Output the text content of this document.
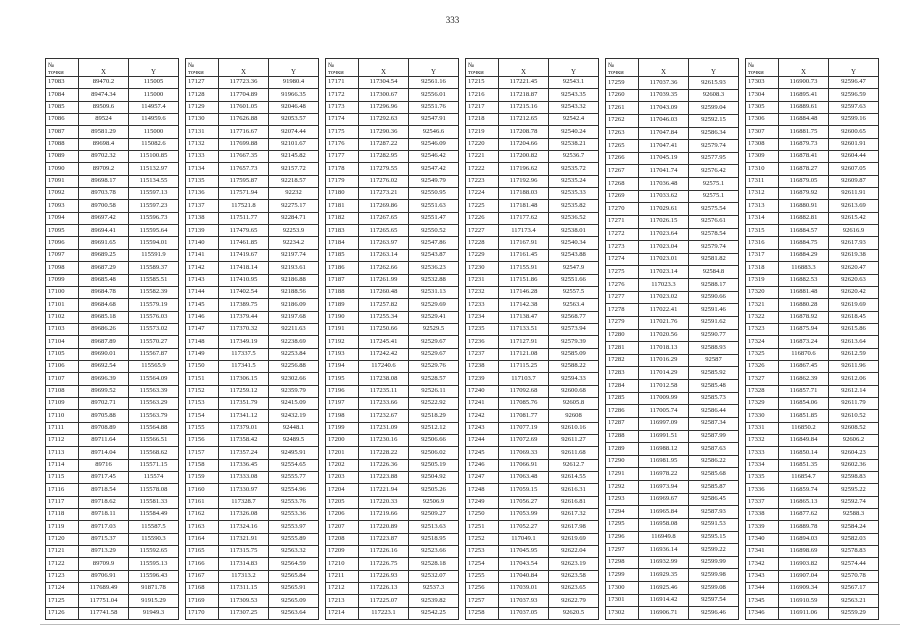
333
№
точки	X	Y
17083	89470.2	115005
17084	89474.34	115000
17085	89509.6	114957.4
17086	89524	114959.6
17087	89581.29	115000
17088	89698.4	115082.6
17089	89702.32	115100.85
17090	89709.2	115132.97
17091	89698.17	115134.55
17092	89703.78	115597.13
17093	89700.58	115597.23
17094	89697.42	115596.73
17095	89694.41	115595.64
17096	89691.65	115594.01
17097	89689.25	115591.9
17098	89687.29	115589.37
17099	89685.48	115585.51
17100	89684.78	115582.39
17101	89684.68	115579.19
17102	89685.18	115576.03
17103	89686.26	115573.02
17104	89687.89	115570.27
17105	89690.01	115567.87
17106	89692.54	115565.9
17107	89696.39	115564.09
17108	89699.52	115563.39
17109	89702.71	115563.29
17110	89705.88	115563.79
17111	89708.89	115564.88
17112	89711.64	115566.51
17113	89714.04	115568.62
17114	89716	115571.15
17115	89717.45	115574
17116	89718.54	115578.08
17117	89718.62	115581.33
17118	89718.11	115584.49
17119	89717.03	115587.5
17120	89715.37	115590.3
17121	89713.29	115592.65
17122	89709.9	115595.13
17123	89706.91	115596.43
17124	117689.49	91871.78
17125	117751.04	91915.29
17126	117741.58	91949.3
№
точки	X	Y
17127	117723.36	91980.4
17128	117704.89	91966.35
17129	117601.05	92046.48
17130	117626.88	92053.57
17131	117716.67	92074.44
17132	117699.88	92101.67
17133	117667.35	92145.82
17134	117657.73	92157.72
17135	117595.87	92218.57
17136	117571.94	92232
17137	117521.8	92275.17
17138	117511.77	92284.71
17139	117479.65	92253.9
17140	117461.85	92234.2
17141	117419.67	92197.74
17142	117418.14	92193.61
17143	117410.95	92186.88
17144	117402.54	92188.56
17145	117389.75	92186.09
17146	117379.44	92197.68
17147	117370.32	92211.63
17148	117349.19	92238.69
17149	117337.5	92253.84
17150	117341.5	92256.88
17151	117306.15	92302.66
17152	117259.12	92359.79
17153	117351.79	92415.09
17154	117341.12	92432.19
17155	117379.01	92448.1
17156	117358.42	92489.5
17157	117357.24	92495.91
17158	117336.45	92554.65
17159	117333.08	92555.77
17160	117330.97	92554.96
17161	117328.7	92553.76
17162	117326.08	92553.36
17163	117324.16	92553.97
17164	117321.91	92555.89
17165	117315.75	92563.32
17166	117314.83	92564.59
17167	117313.2	92565.84
17168	117311.15	92565.91
17169	117309.53	92565.09
17170	117307.25	92563.64
№
точки	X	Y
17171	117304.54	92561.16
17172	117300.67	92556.01
17173	117296.96	92551.76
17174	117292.63	92547.91
17175	117290.36	92546.6
17176	117287.22	92546.09
17177	117282.95	92546.42
17178	117279.55	92547.42
17179	117276.02	92549.79
17180	117273.21	92550.95
17181	117269.86	92551.63
17182	117267.65	92551.47
17183	117265.65	92550.52
17184	117263.97	92547.86
17185	117263.14	92543.87
17186	117262.66	92536.23
17187	117261.99	92532.88
17188	117260.48	92531.13
17189	117257.82	92529.69
17190	117255.34	92529.41
17191	117250.66	92529.5
17192	117245.41	92529.67
17193	117242.42	92529.67
17194	117240.6	92529.76
17195	117238.08	92528.57
17196	117235.11	92526.11
17197	117233.66	92522.92
17198	117232.67	92518.29
17199	117231.09	92512.12
17200	117230.16	92506.66
17201	117228.22	92506.02
17202	117226.36	92505.19
17203	117223.88	92504.92
17204	117221.94	92505.26
17205	117220.33	92506.9
17206	117219.66	92509.27
17207	117220.89	92513.63
17208	117223.87	92518.95
17209	117226.16	92523.66
17210	117226.75	92528.18
17211	117226.93	92532.07
17212	117226.13	92537.3
17213	117225.07	92539.82
17214	117223.1	92542.25
№
точки	X	Y
17215	117221.45	92543.1
17216	117218.87	92543.35
17217	117215.16	92543.32
17218	117212.65	92542.4
17219	117208.78	92540.24
17220	117204.66	92538.21
17221	117200.82	92536.7
17222	117196.62	92535.72
17223	117192.96	92535.24
17224	117188.03	92535.33
17225	117181.48	92535.82
17226	117177.62	92536.52
17227	117173.4	92538.01
17228	117167.91	92540.34
17229	117161.45	92543.88
17230	117155.91	92547.9
17231	117151.86	92551.66
17232	117146.28	92557.5
17233	117142.38	92563.4
17234	117138.47	92568.77
17235	117133.51	92573.94
17236	117127.91	92579.39
17237	117121.08	92585.09
17238	117115.25	92588.22
17239	117103.7	92594.33
17240	117092.68	92600.68
17241	117085.76	92605.8
17242	117081.77	92608
17243	117077.19	92610.16
17244	117072.69	92611.27
17245	117069.33	92611.68
17246	117066.91	92612.7
17247	117063.48	92614.55
17248	117059.15	92616.31
17249	117056.27	92616.81
17250	117053.99	92617.32
17251	117052.27	92617.98
17252	117049.1	92619.69
17253	117045.95	92622.04
17254	117043.54	92623.19
17255	117040.84	92623.58
17256	117039.01	92623.65
17257	117037.93	92622.79
17258	117037.05	92620.5
№
точки	X	Y
17259	117037.36	92615.93
17260	117039.35	92608.3
17261	117043.09	92599.04
17262	117046.03	92592.15
17263	117047.84	92586.34
17265	117047.41	92579.74
17266	117045.19	92577.95
17267	117041.74	92576.42
17268	117036.48	92575.1
17269	117033.62	92575.1
17270	117029.61	92575.54
17271	117026.15	92576.61
17272	117023.64	92578.54
17273	117023.04	92579.74
17274	117023.01	92581.82
17275	117023.14	92584.8
17276	117023.3	92588.17
17277	117023.02	92590.66
17278	117022.41	92591.46
17279	117021.76	92591.62
17280	117020.56	92590.77
17281	117018.13	92588.93
17282	117016.29	92587
17283	117014.29	92585.92
17284	117012.58	92585.48
17285	117009.99	92585.73
17286	117005.74	92586.44
17287	116997.09	92587.34
17288	116991.51	92587.99
17289	116988.12	92587.63
17290	116981.95	92586.22
17291	116978.22	92585.68
17292	116973.94	92585.87
17293	116969.67	92586.45
17294	116965.84	92587.93
17295	116958.08	92591.53
17296	116949.8	92595.15
17297	116936.14	92599.22
17298	116932.99	92599.99
17299	116929.35	92599.98
17300	116925.46	92599.08
17301	116914.42	92597.54
17302	116906.71	92596.46
№
точки	X	Y
17303	116900.73	92596.47
17304	116895.41	92596.59
17305	116889.61	92597.63
17306	116884.48	92599.16
17307	116881.75	92600.65
17308	116879.73	92601.91
17309	116878.41	92604.44
17310	116878.27	92607.05
17311	116879.05	92609.87
17312	116879.92	92611.91
17313	116880.91	92613.69
17314	116882.81	92615.42
17315	116884.57	92616.9
17316	116884.75	92617.93
17317	116884.29	92619.38
17318	116883.3	92620.47
17319	116882.53	92620.63
17320	116881.48	92620.42
17321	116880.28	92619.69
17322	116878.92	92618.45
17323	116875.94	92615.86
17324	116873.24	92613.64
17325	116870.6	92612.59
17326	116867.45	92611.96
17327	116862.39	92612.06
17328	116857.71	92612.14
17329	116854.06	92611.79
17330	116851.85	92610.52
17331	116850.2	92608.52
17332	116849.84	92606.2
17333	116850.14	92604.23
17334	116851.35	92602.36
17335	116854.7	92598.83
17336	116859.74	92595.22
17337	116865.13	92592.74
17338	116877.62	92588.3
17339	116889.78	92584.24
17340	116894.03	92582.03
17341	116898.69	92578.83
17342	116903.82	92574.44
17343	116907.04	92570.78
17344	116909.34	92567.17
17345	116910.59	92563.21
17346	116911.06	92559.29
